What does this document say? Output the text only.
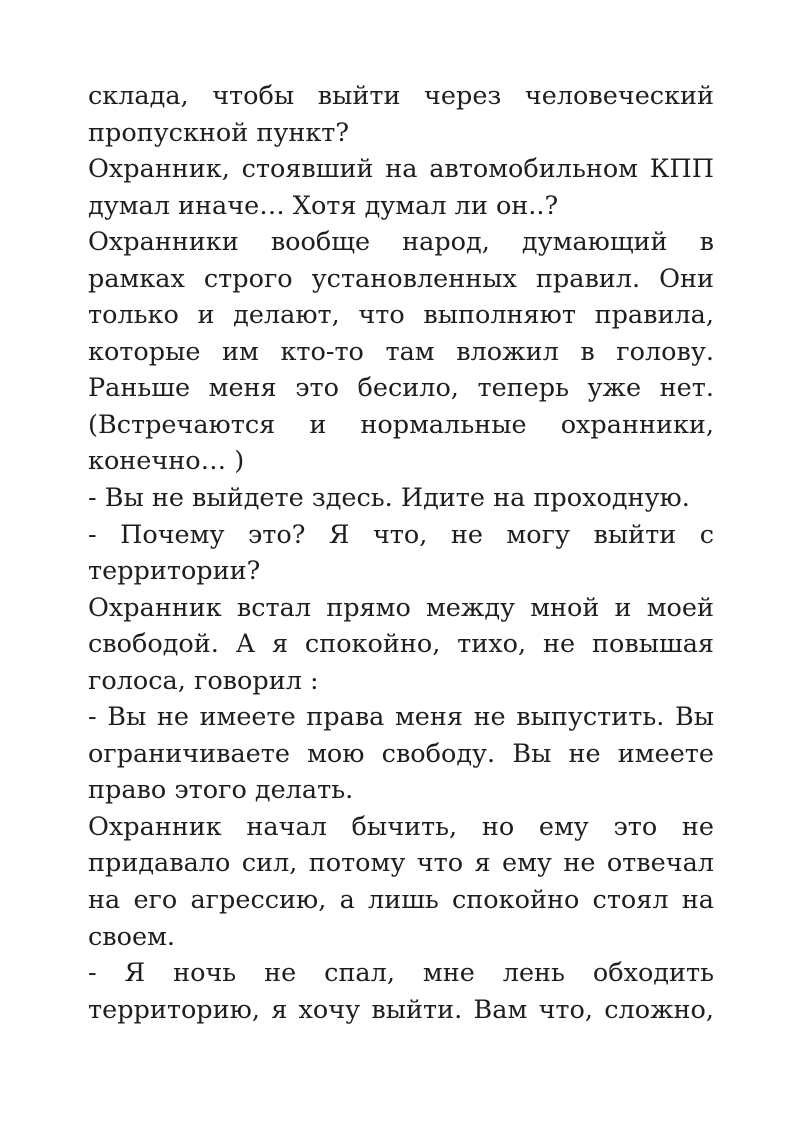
склада, чтобы выйти через человеческий
пропускной пункт?
Охранник, стоявший на автомобильном КПП
думал иначе… Хотя думал ли он..?
Охранники вообще народ, думающий в
рамках строго установленных правил. Они
только и делают, что выполняют правила,
которые им кто-то там вложил в голову.
Раньше меня это бесило, теперь уже нет.
(Встречаются и нормальные охранники,
конечно… )
- Вы не выйдете здесь. Идите на проходную.
- Почему это? Я что, не могу выйти с
территории?
Охранник встал прямо между мной и моей
свободой. А я спокойно, тихо, не повышая
голоса, говорил :
- Вы не имеете права меня не выпустить. Вы
ограничиваете мою свободу. Вы не имеете
право этого делать.
Охранник начал бычить, но ему это не
придавало сил, потому что я ему не отвечал
на его агрессию, а лишь спокойно стоял на
своем.
- Я ночь не спал, мне лень обходить
территорию, я хочу выйти. Вам что, сложно,
